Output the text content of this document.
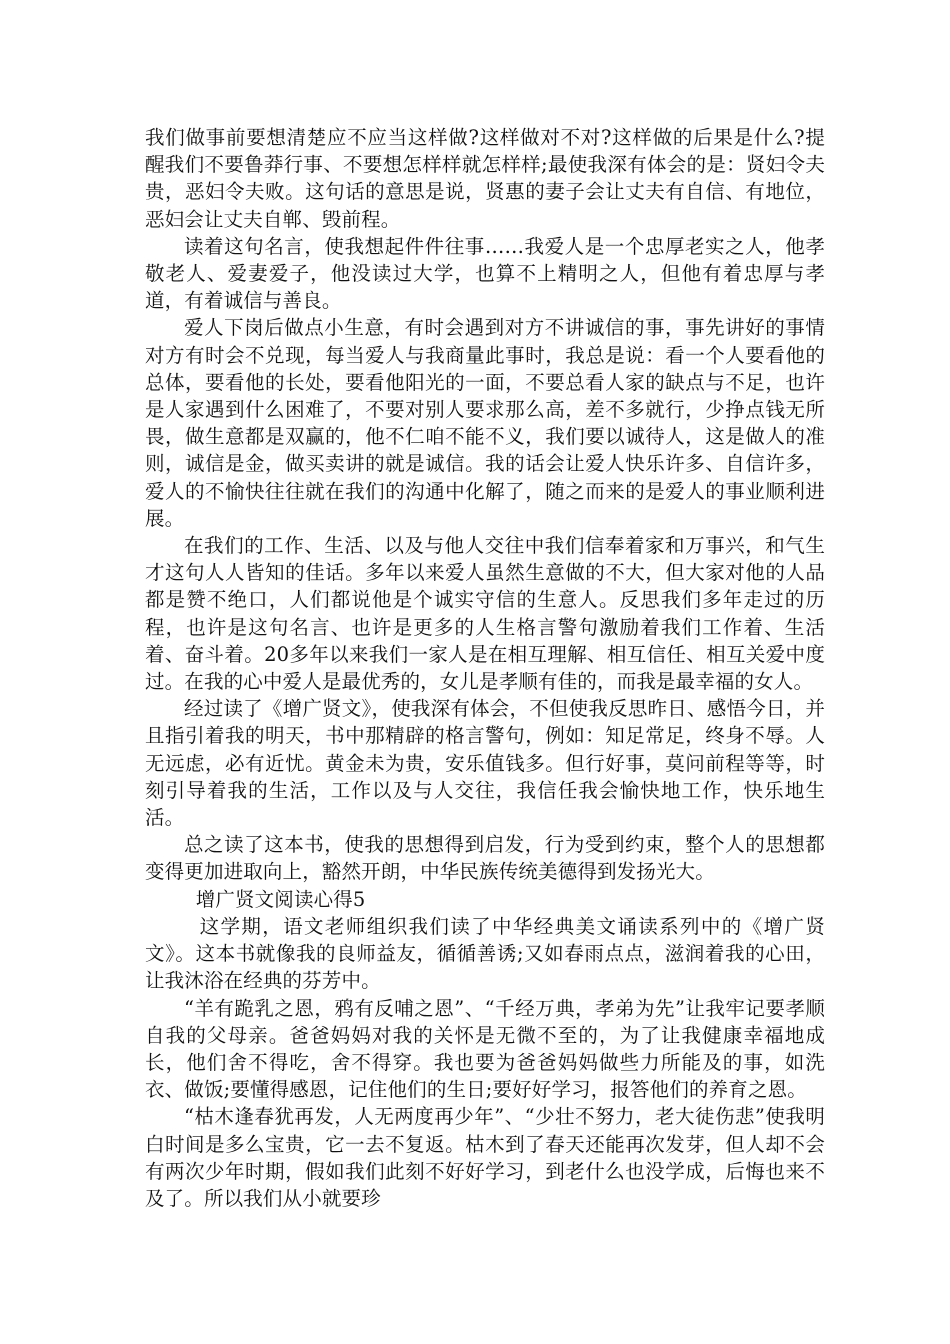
我们做事前要想清楚应不应当这样做?这样做对不对?这样做的后果是什么?提醒我们不要鲁莽行事、不要想怎样样就怎样样;最使我深有体会的是：贤妇令夫贵，恶妇令夫败。这句话的意思是说，贤惠的妻子会让丈夫有自信、有地位，恶妇会让丈夫自郸、毁前程。

读着这句名言，使我想起件件往事……我爱人是一个忠厚老实之人，他孝敬老人、爱妻爱子，他没读过大学，也算不上精明之人，但他有着忠厚与孝道，有着诚信与善良。

爱人下岗后做点小生意，有时会遇到对方不讲诚信的事，事先讲好的事情对方有时会不兑现，每当爱人与我商量此事时，我总是说：看一个人要看他的总体，要看他的长处，要看他阳光的一面，不要总看人家的缺点与不足，也许是人家遇到什么困难了，不要对别人要求那么高，差不多就行，少挣点钱无所畏，做生意都是双赢的，他不仁咱不能不义，我们要以诚待人，这是做人的准则，诚信是金，做买卖讲的就是诚信。我的话会让爱人快乐许多、自信许多，爱人的不愉快往往就在我们的沟通中化解了，随之而来的是爱人的事业顺利进展。

在我们的工作、生活、以及与他人交往中我们信奉着家和万事兴，和气生才这句人人皆知的佳话。多年以来爱人虽然生意做的不大，但大家对他的人品都是赞不绝口，人们都说他是个诚实守信的生意人。反思我们多年走过的历程，也许是这句名言、也许是更多的人生格言警句激励着我们工作着、生活着、奋斗着。20多年以来我们一家人是在相互理解、相互信任、相互关爱中度过。在我的心中爱人是最优秀的，女儿是孝顺有佳的，而我是最幸福的女人。

经过读了《增广贤文》，使我深有体会，不但使我反思昨日、感悟今日，并且指引着我的明天，书中那精辟的格言警句，例如：知足常足，终身不辱。人无远虑，必有近忧。黄金未为贵，安乐值钱多。但行好事，莫问前程等等，时刻引导着我的生活，工作以及与人交往，我信任我会愉快地工作，快乐地生活。

总之读了这本书，使我的思想得到启发，行为受到约束，整个人的思想都变得更加进取向上，豁然开朗，中华民族传统美德得到发扬光大。

增广贤文阅读心得5

这学期，语文老师组织我们读了中华经典美文诵读系列中的《增广贤文》。这本书就像我的良师益友，循循善诱;又如春雨点点，滋润着我的心田，让我沐浴在经典的芬芳中。

“羊有跪乳之恩，鸦有反哺之恩”、“千经万典，孝弟为先”让我牢记要孝顺自我的父母亲。爸爸妈妈对我的关怀是无微不至的，为了让我健康幸福地成长，他们舍不得吃，舍不得穿。我也要为爸爸妈妈做些力所能及的事，如洗衣、做饭;要懂得感恩，记住他们的生日;要好好学习，报答他们的养育之恩。

“枯木逢春犹再发，人无两度再少年”、“少壮不努力，老大徒伤悲”使我明白时间是多么宝贵，它一去不复返。枯木到了春天还能再次发芽，但人却不会有两次少年时期，假如我们此刻不好好学习，到老什么也没学成，后悔也来不及了。所以我们从小就要珍
